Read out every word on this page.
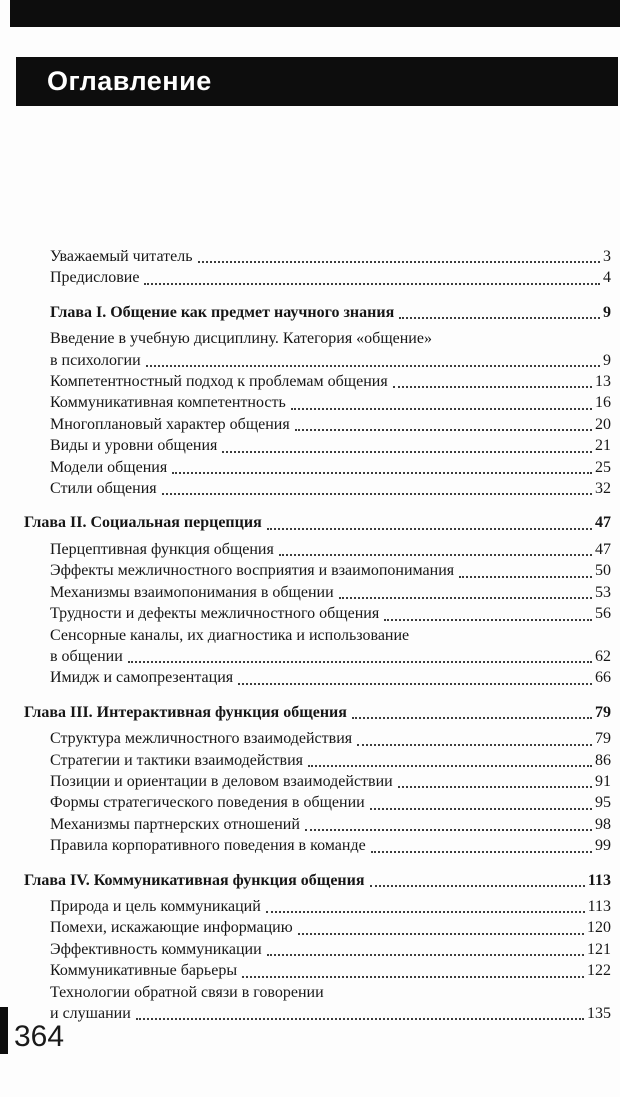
Оглавление
Уважаемый читатель	3
Предисловие	4
Глава I. Общение как предмет научного знания	9
Введение в учебную дисциплину. Категория «общение»
в психологии	9
Компетентностный подход к проблемам общения	13
Коммуникативная компетентность	16
Многоплановый характер общения	20
Виды и уровни общения	21
Модели общения	25
Стили общения	32
Глава II. Социальная перцепция	47
Перцептивная функция общения	47
Эффекты межличностного восприятия и взаимопонимания	50
Механизмы взаимопонимания в общении	53
Трудности и дефекты межличностного общения	56
Сенсорные каналы, их диагностика и использование
в общении	62
Имидж и самопрезентация	66
Глава III. Интерактивная функция общения	79
Структура межличностного взаимодействия	79
Стратегии и тактики взаимодействия	86
Позиции и ориентации в деловом взаимодействии	91
Формы стратегического поведения в общении	95
Механизмы партнерских отношений	98
Правила корпоративного поведения в команде	99
Глава IV. Коммуникативная функция общения	113
Природа и цель коммуникаций	113
Помехи, искажающие информацию	120
Эффективность коммуникации	121
Коммуникативные барьеры	122
Технологии обратной связи в говорении
и слушании	135
364
